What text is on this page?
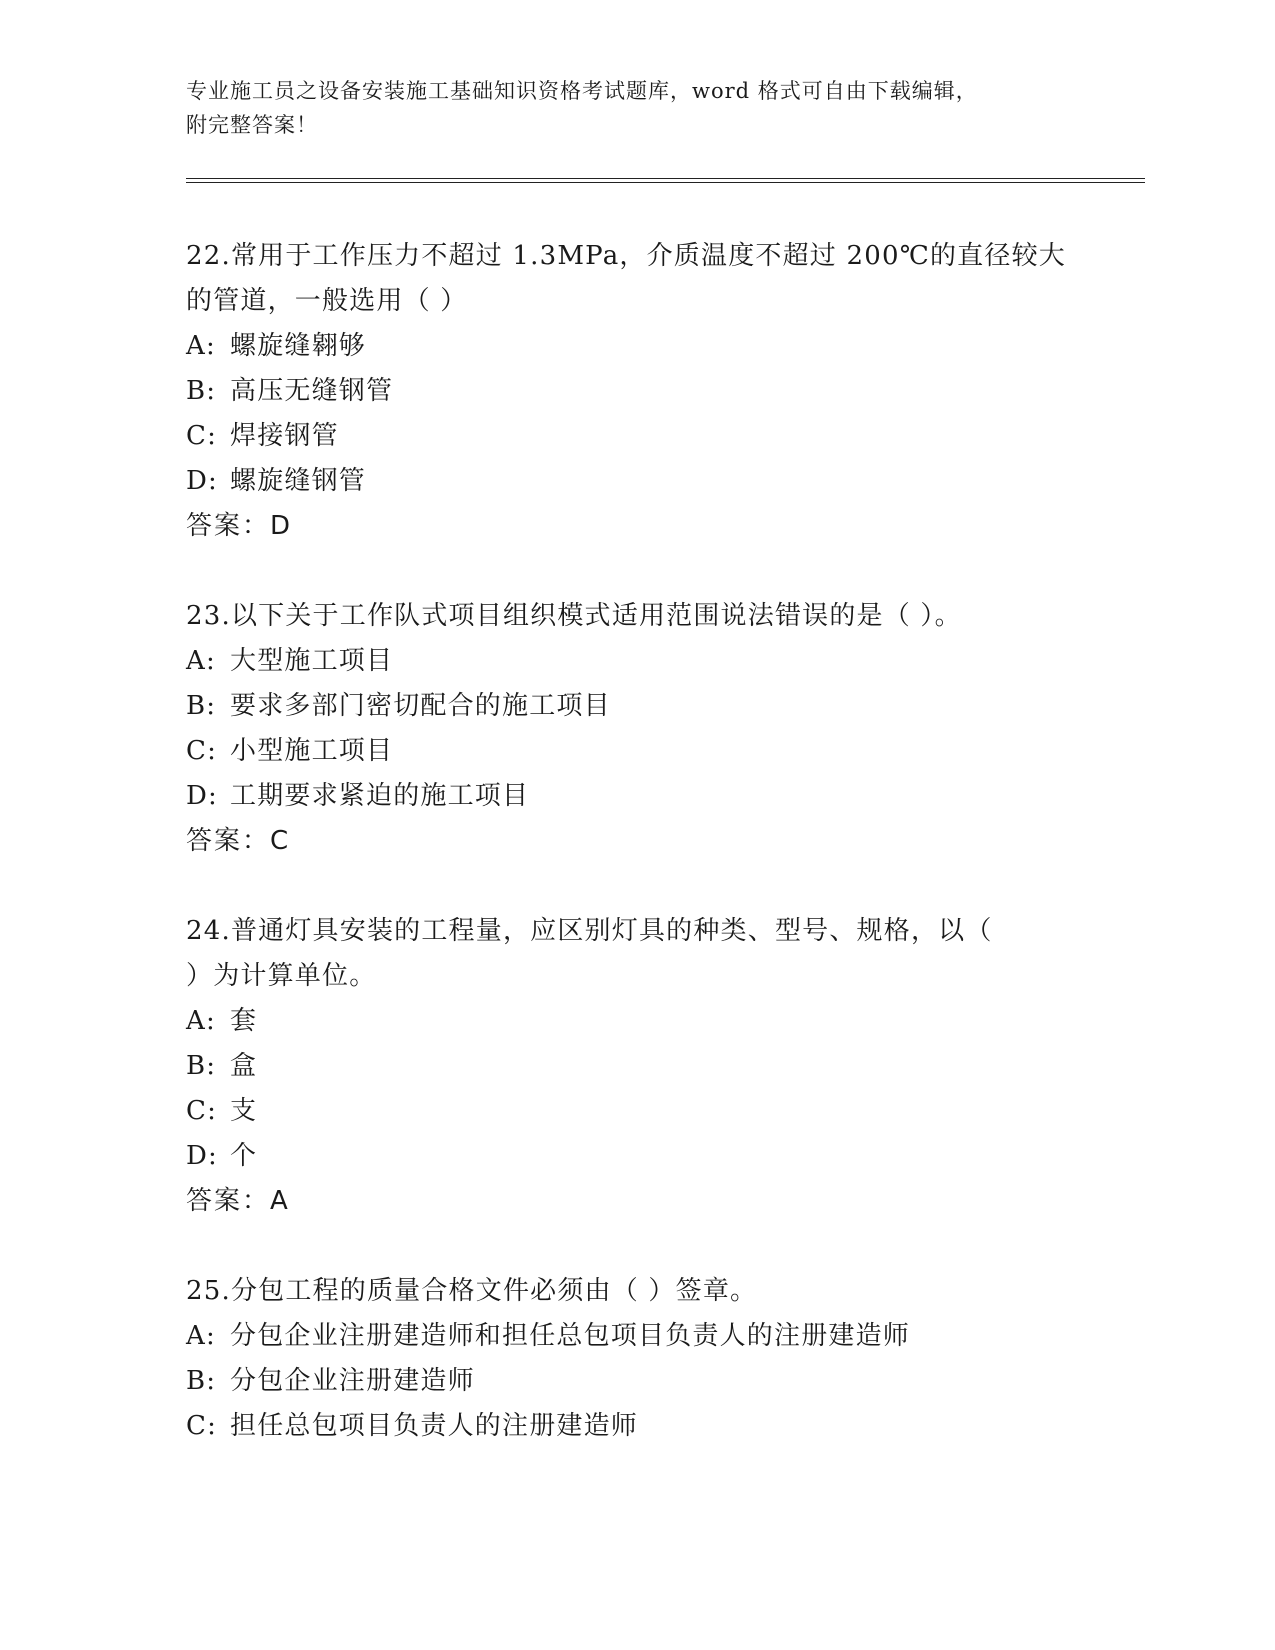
专业施工员之设备安装施工基础知识资格考试题库，word 格式可自由下载编辑，
附完整答案！
22.常用于工作压力不超过 1.3MPa，介质温度不超过 200℃的直径较大
的管道，一般选用（ ）
A: 螺旋缝翱够
B: 高压无缝钢管
C: 焊接钢管
D: 螺旋缝钢管
答案：D
23.以下关于工作队式项目组织模式适用范围说法错误的是（ ）。
A: 大型施工项目
B: 要求多部门密切配合的施工项目
C: 小型施工项目
D: 工期要求紧迫的施工项目
答案：C
24.普通灯具安装的工程量，应区别灯具的种类、型号、规格，以（
）为计算单位。
A: 套
B: 盒
C: 支
D: 个
答案：A
25.分包工程的质量合格文件必须由（ ）签章。
A: 分包企业注册建造师和担任总包项目负责人的注册建造师
B: 分包企业注册建造师
C: 担任总包项目负责人的注册建造师
